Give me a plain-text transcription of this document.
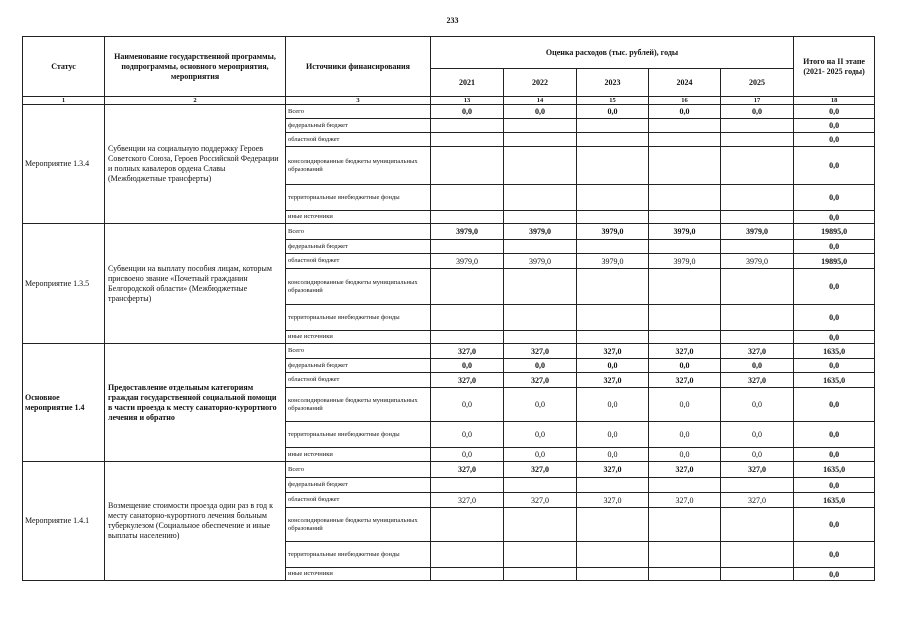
233
Статус	Наименование государственной программы, подпрограммы, основного мероприятия, мероприятия	Источники финансирования	Оценка расходов (тыс. рублей), годы					Итого на II этапе (2021- 2025 годы)
			2021	2022	2023	2024	2025	
1	2	3	13	14	15	16	17	18
Мероприятие 1.3.4	Субвенции на социальную поддержку Героев Советского Союза, Героев Российской Федерации и полных кавалеров ордена Славы (Межбюджетные трансферты)	Всего	0,0	0,0	0,0	0,0	0,0	0,0
		федеральный бюджет						0,0
		областной бюджет						0,0
		консолидированные бюджеты муниципальных образований						0,0
		территориальные внебюджетные фонды						0,0
		иные источники						0,0
Мероприятие 1.3.5	Субвенции на выплату пособия лицам, которым присвоено звание «Почетный гражданин Белгородской области» (Межбюджетные трансферты)	Всего	3979,0	3979,0	3979,0	3979,0	3979,0	19895,0
		федеральный бюджет						0,0
		областной бюджет	3979,0	3979,0	3979,0	3979,0	3979,0	19895,0
		консолидированные бюджеты муниципальных образований						0,0
		территориальные внебюджетные фонды						0,0
		иные источники						0,0
Основное мероприятие 1.4	Предоставление отдельным категориям граждан государственной социальной помощи в части проезда к месту санаторно-курортного лечения и обратно	Всего	327,0	327,0	327,0	327,0	327,0	1635,0
		федеральный бюджет	0,0	0,0	0,0	0,0	0,0	0,0
		областной бюджет	327,0	327,0	327,0	327,0	327,0	1635,0
		консолидированные бюджеты муниципальных образований	0,0	0,0	0,0	0,0	0,0	0,0
		территориальные внебюджетные фонды	0,0	0,0	0,0	0,0	0,0	0,0
		иные источники	0,0	0,0	0,0	0,0	0,0	0,0
Мероприятие 1.4.1	Возмещение стоимости проезда один раз в год к месту санаторно-курортного лечения больным туберкулезом (Социальное обеспечение и иные выплаты населению)	Всего	327,0	327,0	327,0	327,0	327,0	1635,0
		федеральный бюджет						0,0
		областной бюджет	327,0	327,0	327,0	327,0	327,0	1635,0
		консолидированные бюджеты муниципальных образований						0,0
		территориальные внебюджетные фонды						0,0
		иные источники						0,0
